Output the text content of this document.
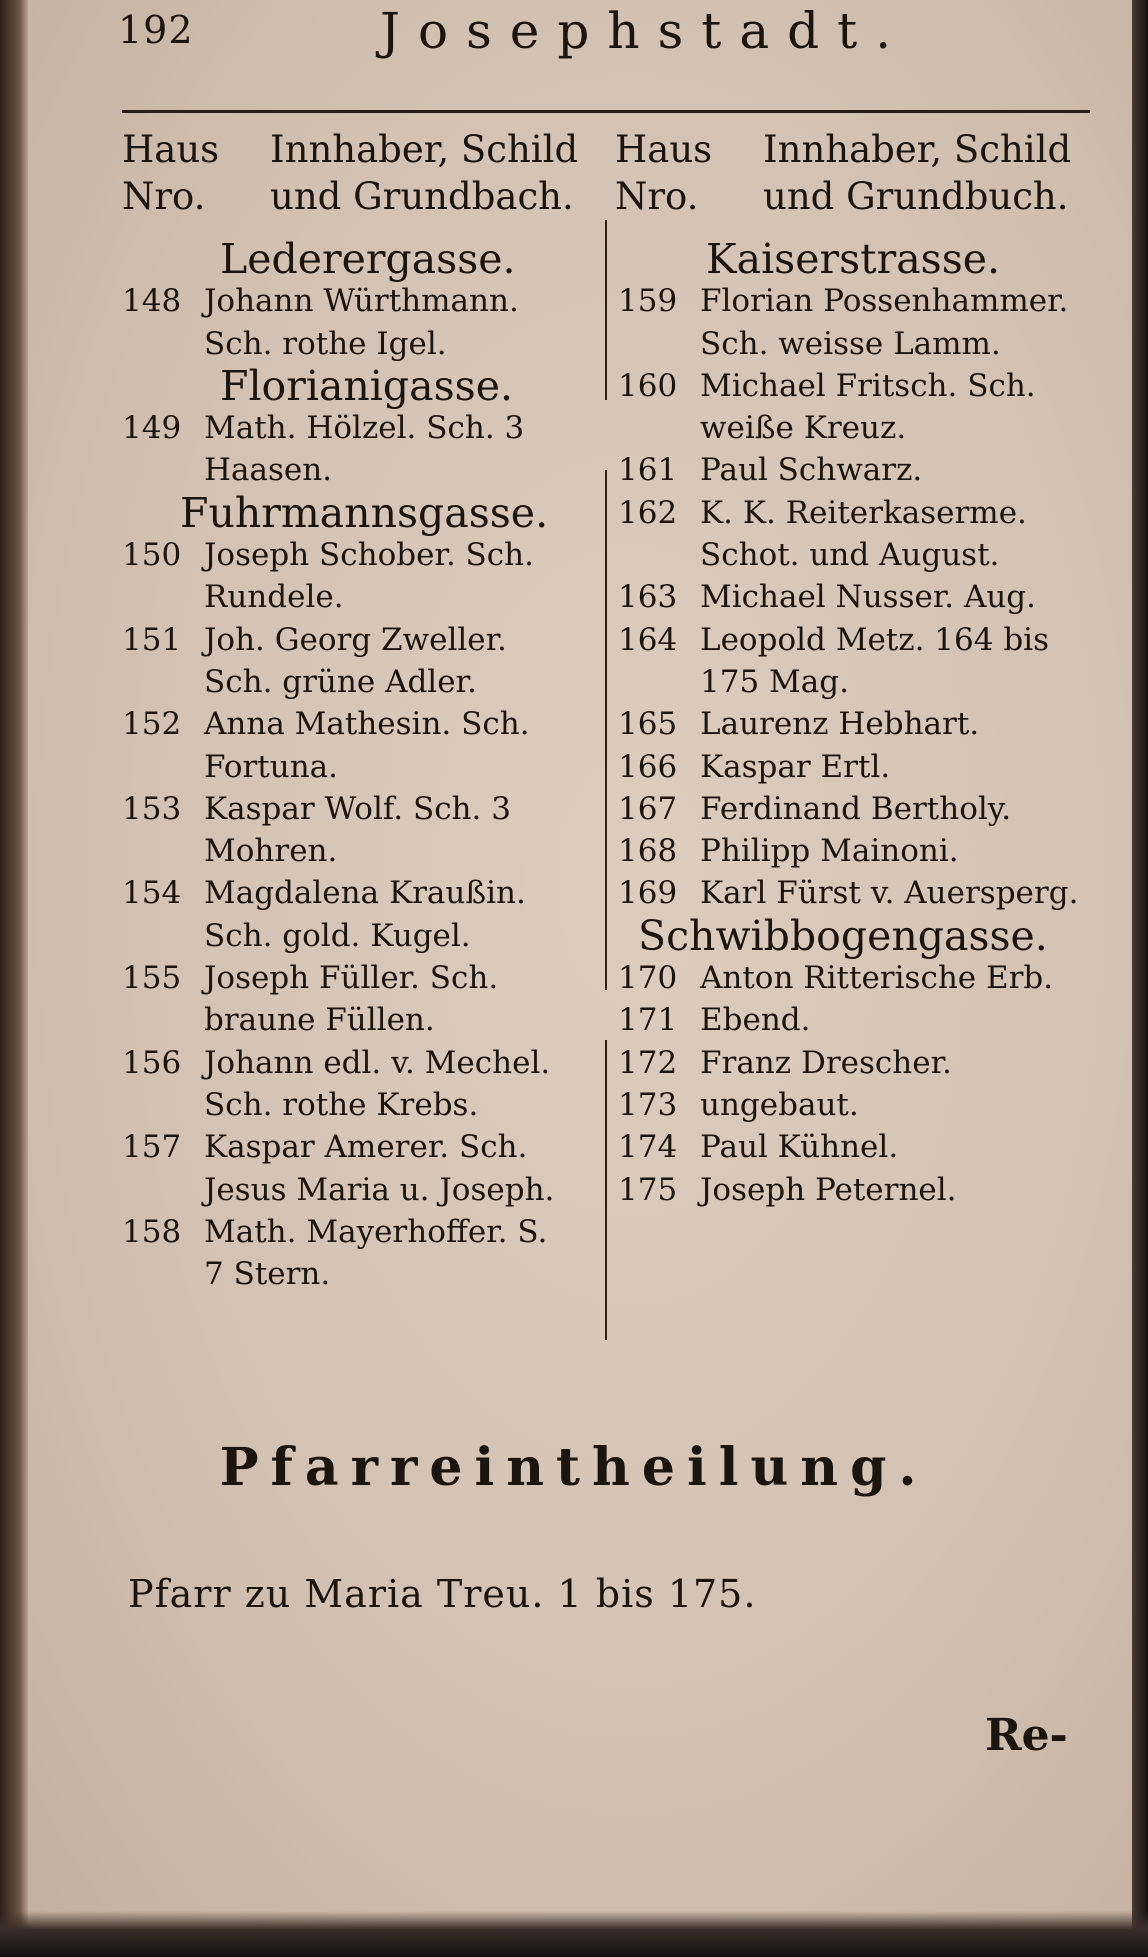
192	Josephstadt.
Haus	Innhaber, Schild
Nro.	und Grundbach.
Haus	Innhaber, Schild
Nro.	und Grundbuch.
Lederergasse.
148 Johann Würthmann.
Sch. rothe Igel.
Florianigasse.
149 Math. Hölzel. Sch. 3
Haasen.
Fuhrmannsgasse.
150 Joseph Schober. Sch.
Rundele.
151 Joh. Georg Zweller.
Sch. grüne Adler.
152 Anna Mathesin. Sch.
Fortuna.
153 Kaspar Wolf. Sch. 3
Mohren.
154 Magdalena Kraußin.
Sch. gold. Kugel.
155 Joseph Füller. Sch.
braune Füllen.
156 Johann edl. v. Mechel.
Sch. rothe Krebs.
157 Kaspar Amerer. Sch.
Jesus Maria u. Joseph.
158 Math. Mayerhoffer. S.
7 Stern.
Kaiserstrasse.
159 Florian Possenhammer.
Sch. weisse Lamm.
160 Michael Fritsch. Sch.
weiße Kreuz.
161 Paul Schwarz.
162 K. K. Reiterkaserme.
Schot. und August.
163 Michael Nusser. Aug.
164 Leopold Metz. 164 bis
175 Mag.
165 Laurenz Hebhart.
166 Kaspar Ertl.
167 Ferdinand Bertholy.
168 Philipp Mainoni.
169 Karl Fürst v. Auersperg.
Schwibbogengasse.
170 Anton Ritterische Erb.
171 Ebend.
172 Franz Drescher.
173 ungebaut.
174 Paul Kühnel.
175 Joseph Peternel.
Pfarreintheilung.
Pfarr zu Maria Treu. 1 bis 175.
Re-
